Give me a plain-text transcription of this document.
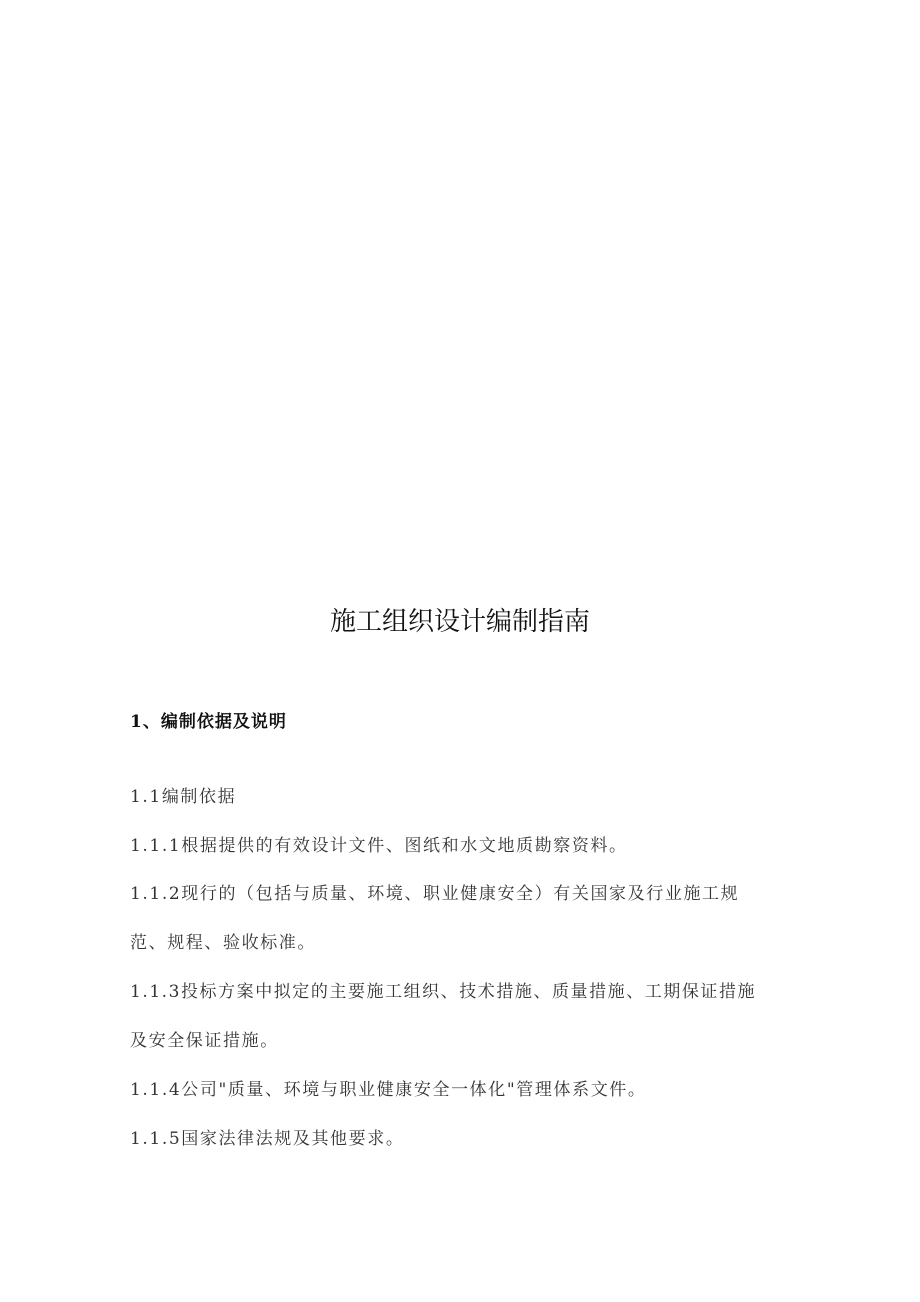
施工组织设计编制指南
1、编制依据及说明
1.1编制依据
1.1.1根据提供的有效设计文件、图纸和水文地质勘察资料。
1.1.2现行的（包括与质量、环境、职业健康安全）有关国家及行业施工规
范、规程、验收标准。
1.1.3投标方案中拟定的主要施工组织、技术措施、质量措施、工期保证措施
及安全保证措施。
1.1.4公司"质量、环境与职业健康安全一体化"管理体系文件。
1.1.5国家法律法规及其他要求。
